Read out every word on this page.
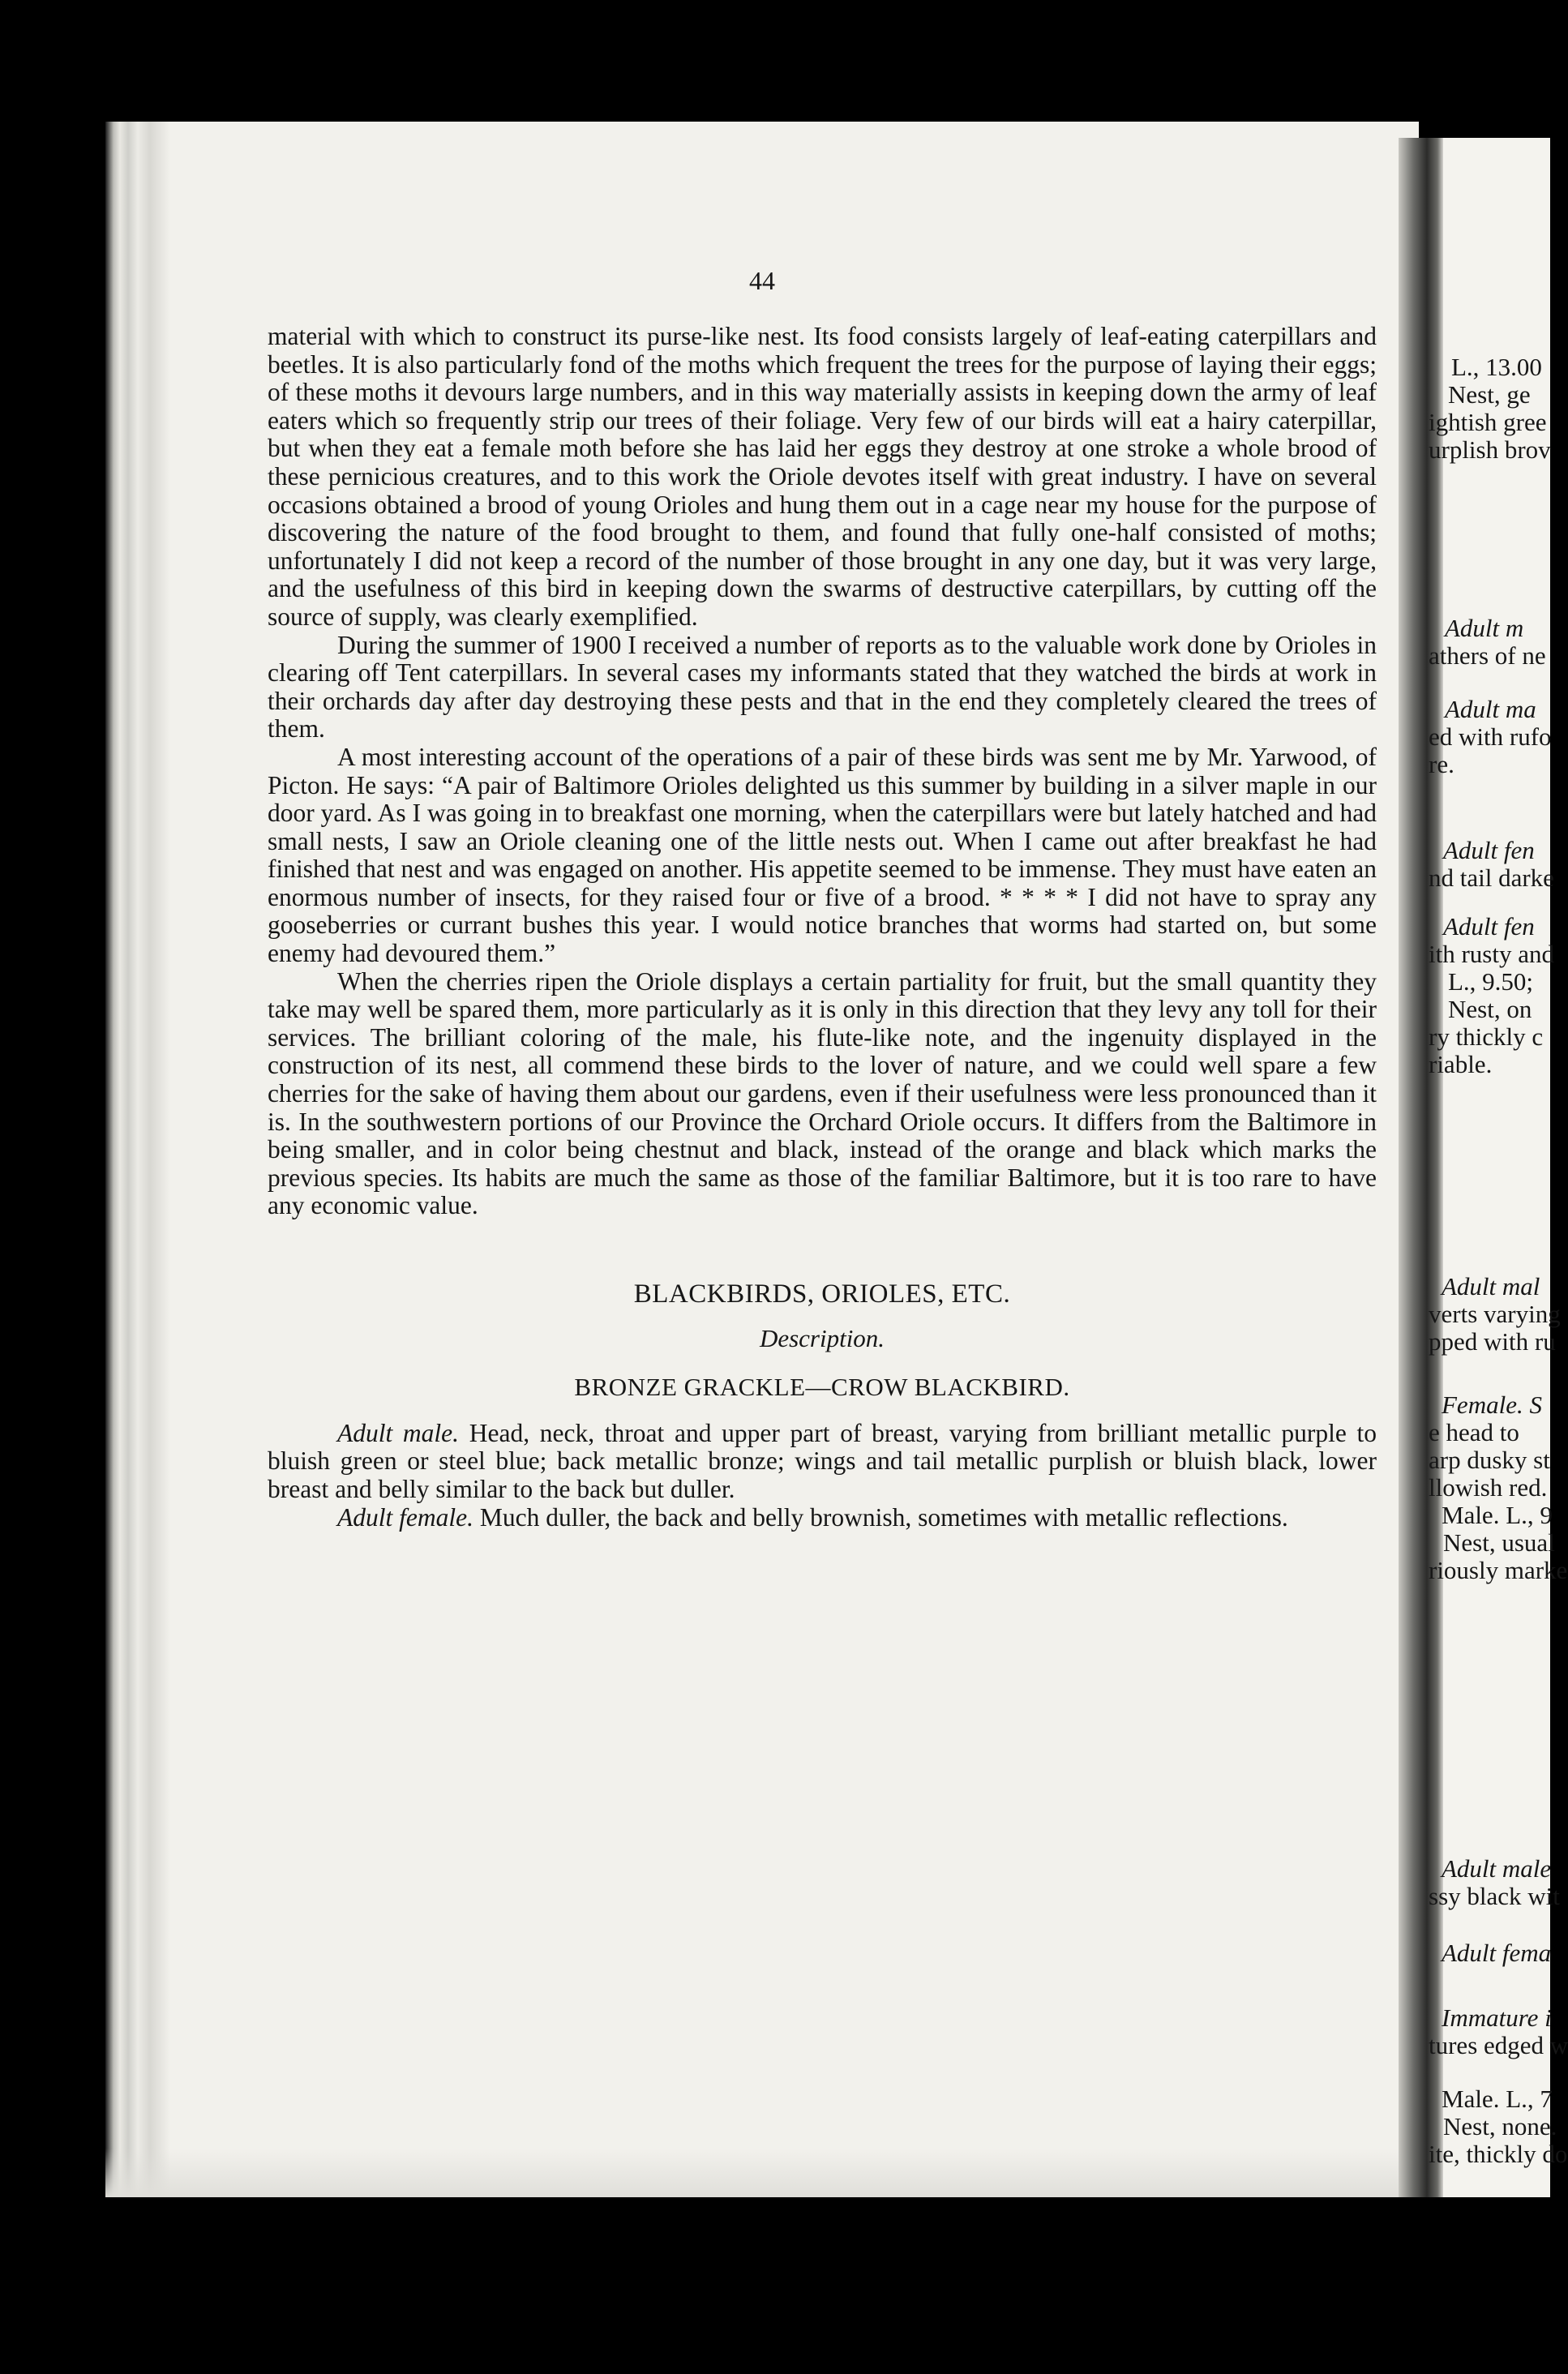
44
L., 13.00
Nest, ge
ightish gree
urplish brov
Adult m
athers of ne
Adult ma
ed with rufo
re.
Adult fen
nd tail darke
Adult fen
ith rusty and
L., 9.50;
Nest, on
ry thickly c
riable.
Adult mal
verts varying
pped with ru
Female. S
e head to
arp dusky st
llowish red.
Male. L., 9
Nest, usual
riously marke
Adult male
ssy black wit
Adult fema
Immature i
tures edged w
Male. L., 7
Nest, none.
ite, thickly do

material with which to construct its purse-like nest. Its food consists largely of leaf-eating caterpillars and beetles. It is also particularly fond of the moths which frequent the trees for the purpose of laying their eggs; of these moths it devours large numbers, and in this way materially assists in keeping down the army of leaf eaters which so frequently strip our trees of their foliage. Very few of our birds will eat a hairy caterpillar, but when they eat a female moth before she has laid her eggs they destroy at one stroke a whole brood of these pernicious creatures, and to this work the Oriole devotes itself with great industry. I have on several occasions obtained a brood of young Orioles and hung them out in a cage near my house for the purpose of discovering the nature of the food brought to them, and found that fully one-half consisted of moths; unfortunately I did not keep a record of the number of those brought in any one day, but it was very large, and the usefulness of this bird in keeping down the swarms of destructive caterpillars, by cutting off the source of supply, was clearly exemplified.

During the summer of 1900 I received a number of reports as to the valuable work done by Orioles in clearing off Tent caterpillars. In several cases my informants stated that they watched the birds at work in their orchards day after day destroying these pests and that in the end they completely cleared the trees of them.

A most interesting account of the operations of a pair of these birds was sent me by Mr. Yarwood, of Picton. He says: “A pair of Baltimore Orioles delighted us this summer by building in a silver maple in our door yard. As I was going in to breakfast one morning, when the caterpillars were but lately hatched and had small nests, I saw an Oriole cleaning one of the little nests out. When I came out after breakfast he had finished that nest and was engaged on another. His appetite seemed to be immense. They must have eaten an enormous number of insects, for they raised four or five of a brood. * * * * I did not have to spray any gooseberries or currant bushes this year. I would notice branches that worms had started on, but some enemy had devoured them.”

When the cherries ripen the Oriole displays a certain partiality for fruit, but the small quantity they take may well be spared them, more particularly as it is only in this direction that they levy any toll for their services. The brilliant coloring of the male, his flute-like note, and the ingenuity displayed in the construction of its nest, all commend these birds to the lover of nature, and we could well spare a few cherries for the sake of having them about our gardens, even if their usefulness were less pronounced than it is. In the southwestern portions of our Province the Orchard Oriole occurs. It differs from the Baltimore in being smaller, and in color being chestnut and black, instead of the orange and black which marks the previous species. Its habits are much the same as those of the familiar Baltimore, but it is too rare to have any economic value.

BLACKBIRDS, ORIOLES, ETC.
Description.
BRONZE GRACKLE—CROW BLACKBIRD.

Adult male. Head, neck, throat and upper part of breast, varying from brilliant metallic purple to bluish green or steel blue; back metallic bronze; wings and tail metallic purplish or bluish black, lower breast and belly similar to the back but duller.

Adult female. Much duller, the back and belly brownish, sometimes with metallic reflections.
